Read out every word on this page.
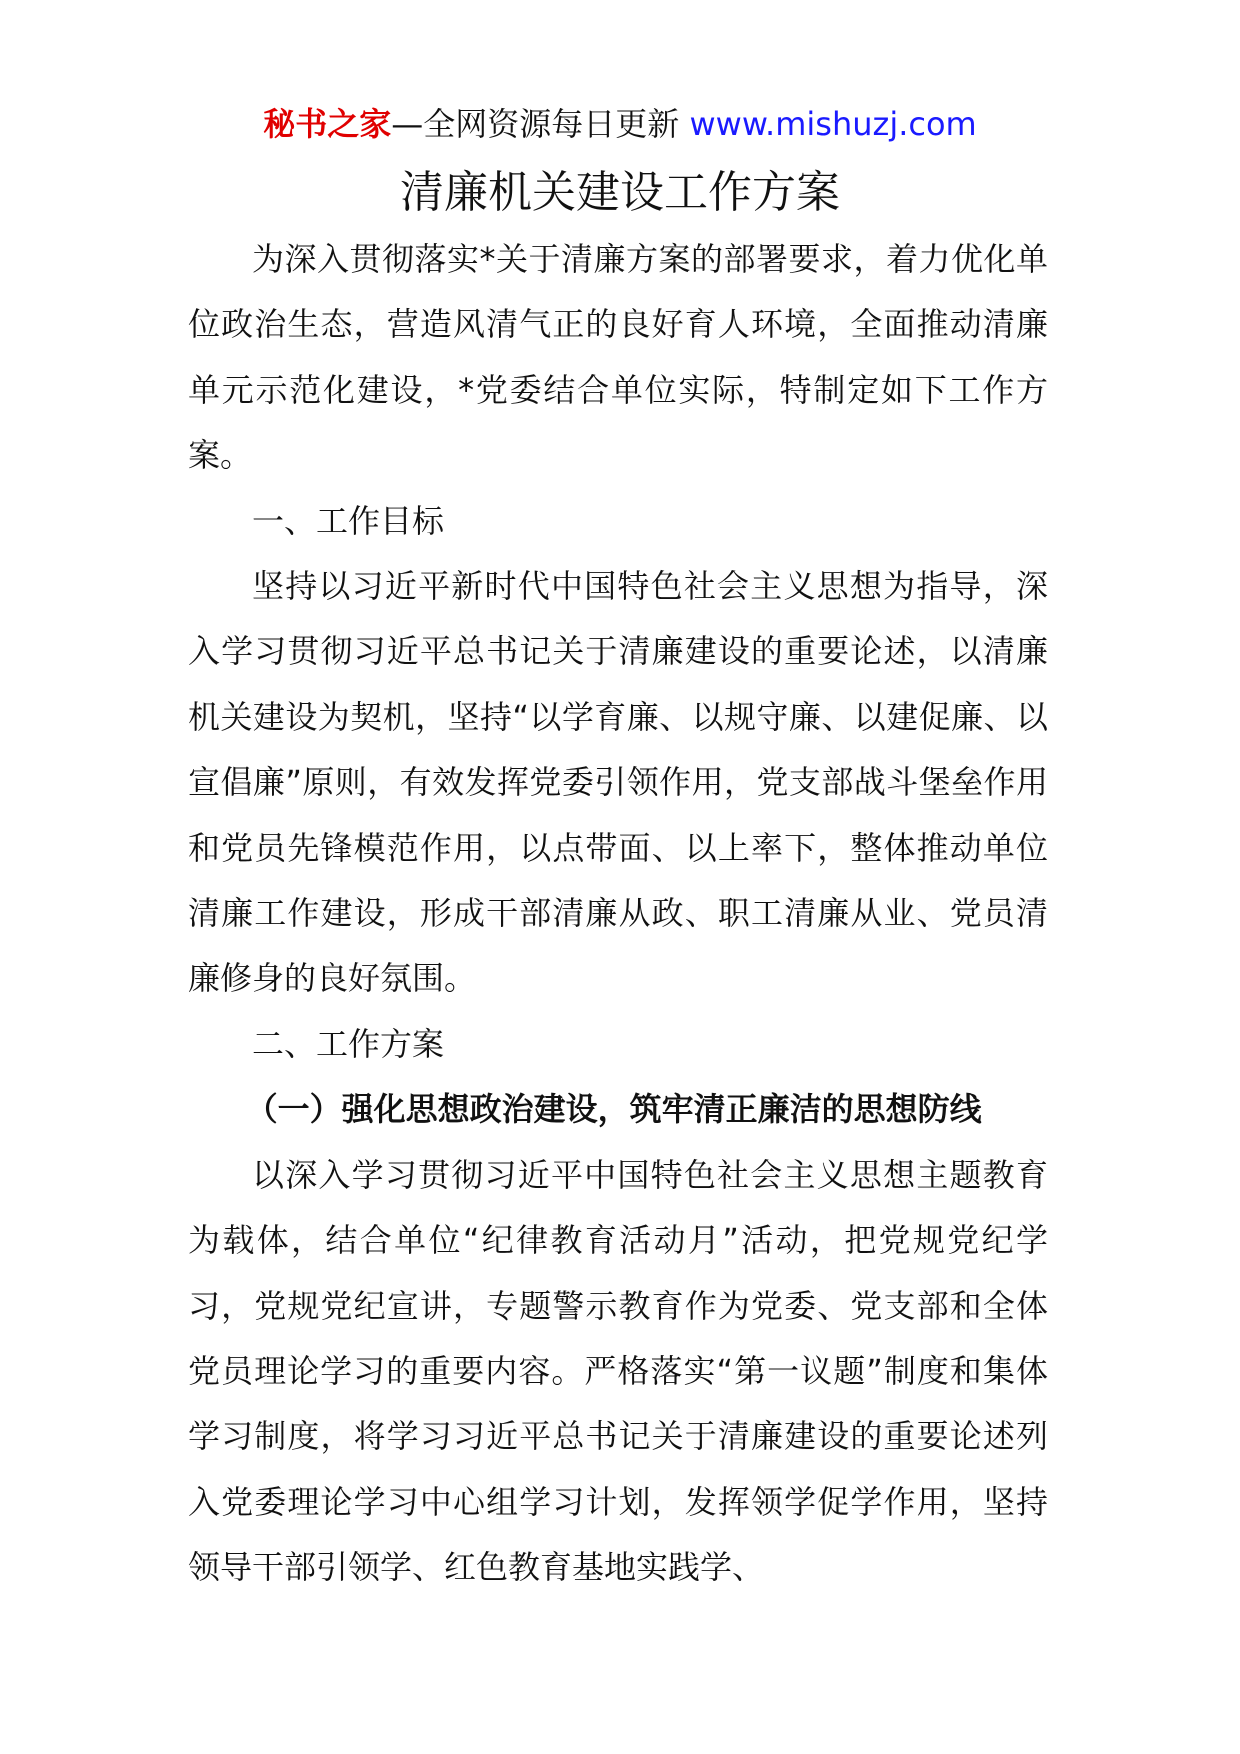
秘书之家—全网资源每日更新 www.mishuzj.com
清廉机关建设工作方案

为深入贯彻落实*关于清廉方案的部署要求，着力优化单位政治生态，营造风清气正的良好育人环境，全面推动清廉单元示范化建设，*党委结合单位实际，特制定如下工作方案。

一、工作目标

坚持以习近平新时代中国特色社会主义思想为指导，深入学习贯彻习近平总书记关于清廉建设的重要论述，以清廉机关建设为契机，坚持“以学育廉、以规守廉、以建促廉、以宣倡廉”原则，有效发挥党委引领作用，党支部战斗堡垒作用和党员先锋模范作用，以点带面、以上率下，整体推动单位清廉工作建设，形成干部清廉从政、职工清廉从业、党员清廉修身的良好氛围。

二、工作方案

（一）强化思想政治建设，筑牢清正廉洁的思想防线

以深入学习贯彻习近平中国特色社会主义思想主题教育为载体，结合单位“纪律教育活动月”活动，把党规党纪学习，党规党纪宣讲，专题警示教育作为党委、党支部和全体党员理论学习的重要内容。严格落实“第一议题”制度和集体学习制度，将学习习近平总书记关于清廉建设的重要论述列入党委理论学习中心组学习计划，发挥领学促学作用，坚持领导干部引领学、红色教育基地实践学、
